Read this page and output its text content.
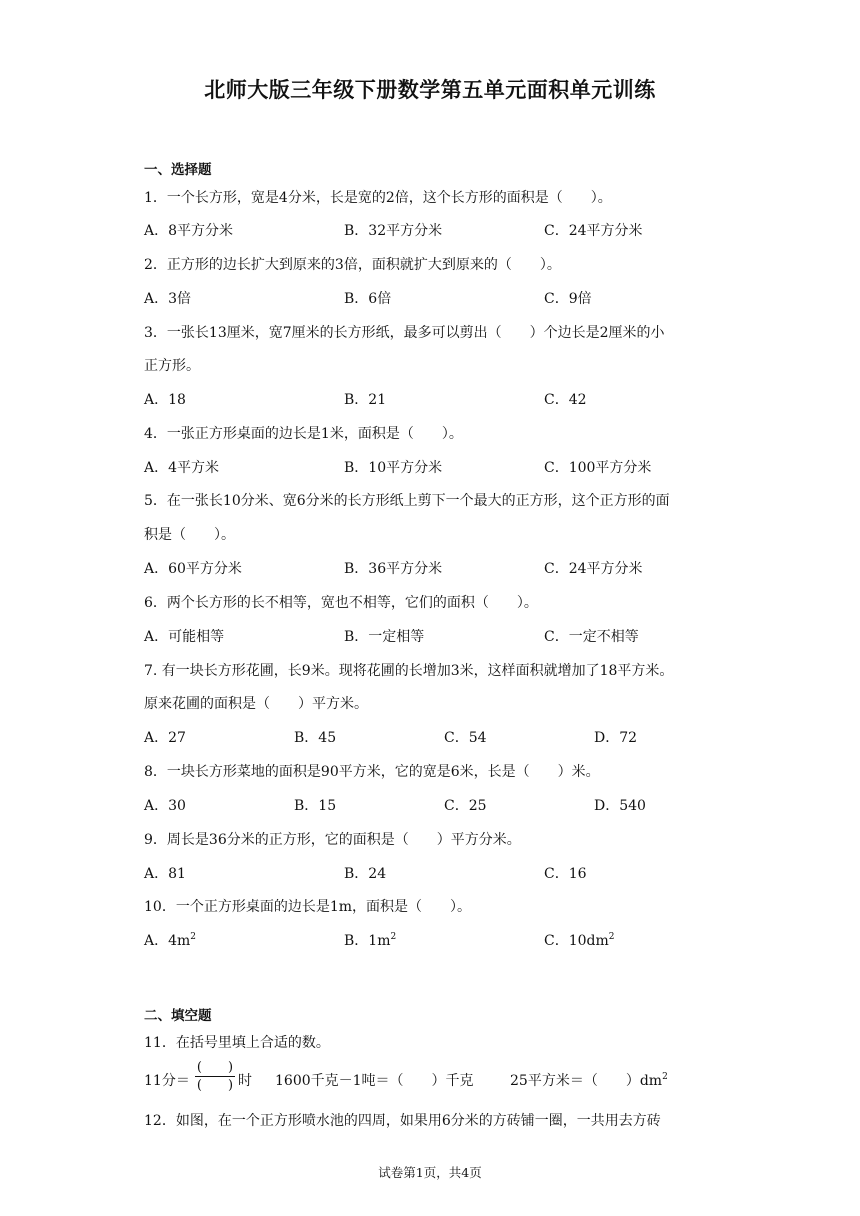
北师大版三年级下册数学第五单元面积单元训练
一、选择题
1．一个长方形，宽是4分米，长是宽的2倍，这个长方形的面积是（　　）。
A．8平方分米	B．32平方分米	C．24平方分米
2．正方形的边长扩大到原来的3倍，面积就扩大到原来的（　　）。
A．3倍	B．6倍	C．9倍
3．一张长13厘米，宽7厘米的长方形纸，最多可以剪出（　　）个边长是2厘米的小
正方形。
A．18	B．21	C．42
4．一张正方形桌面的边长是1米，面积是（　　）。
A．4平方米	B．10平方分米	C．100平方分米
5．在一张长10分米、宽6分米的长方形纸上剪下一个最大的正方形，这个正方形的面
积是（　　）。
A．60平方分米	B．36平方分米	C．24平方分米
6．两个长方形的长不相等，宽也不相等，它们的面积（　　）。
A．可能相等	B．一定相等	C．一定不相等
7. 有一块长方形花圃，长9米。现将花圃的长增加3米，这样面积就增加了18平方米。
原来花圃的面积是（　　）平方米。
A．27	B．45	C．54	D．72
8．一块长方形菜地的面积是90平方米，它的宽是6米，长是（　　）米。
A．30	B．15	C．25	D．540
9．周长是36分米的正方形，它的面积是（　　）平方分米。
A．81	B．24	C．16
10．一个正方形桌面的边长是1m，面积是（　　）。
A．$4m^2$	B．$1m^2$	C．$10dm^2$
二、填空题
11．在括号里填上合适的数。
11分＝
(　　)
(　　) 时 1600千克－1吨＝（　　）千克	25平方米＝（　　）$dm^2$
12．如图，在一个正方形喷水池的四周，如果用6分米的方砖铺一圈，一共用去方砖
试卷第1页，共4页
